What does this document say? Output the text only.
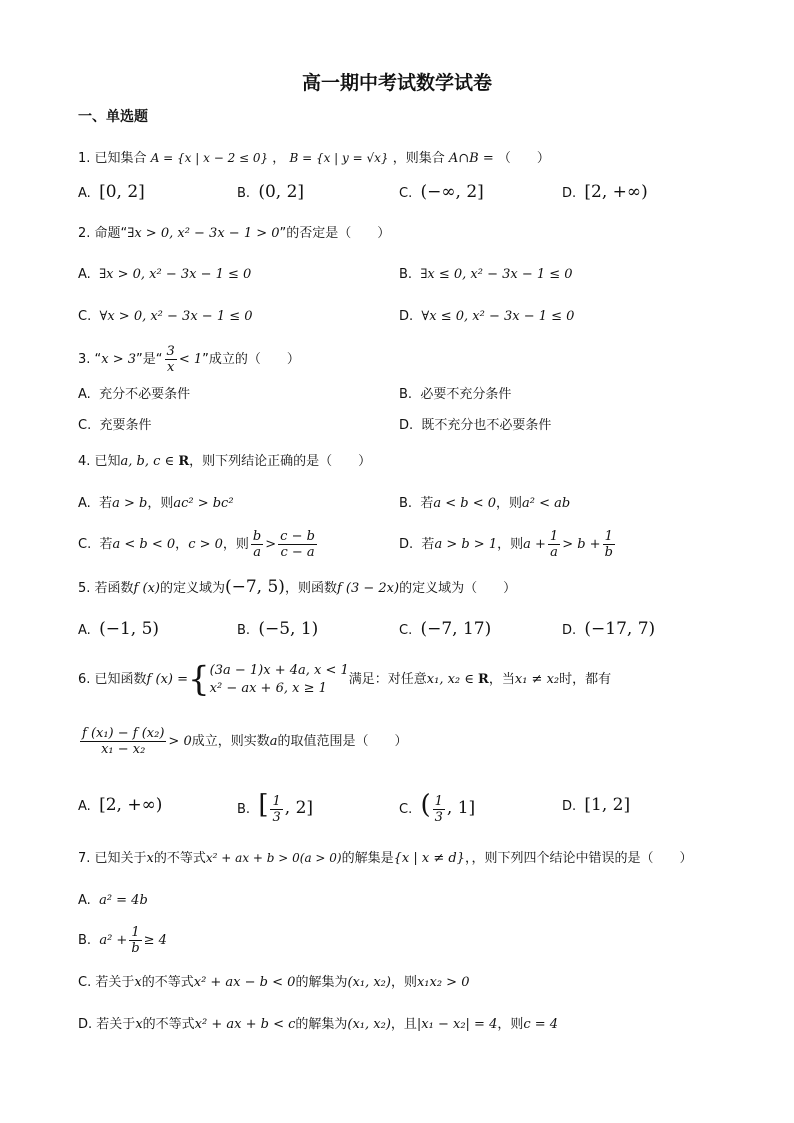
高一期中考试数学试卷
一、单选题
1. 已知集合 A = {x | x − 2 ≤ 0} ， B = {x | y = √x} ，则集合 A∩B = （　　）
A. [0, 2]	B. (0, 2]	C. (−∞, 2]	D. [2, +∞)
2. 命题“∃x > 0, x² − 3x − 1 > 0”的否定是（　　）
A. ∃x > 0, x² − 3x − 1 ≤ 0	B. ∃x ≤ 0, x² − 3x − 1 ≤ 0
C. ∀x > 0, x² − 3x − 1 ≤ 0	D. ∀x ≤ 0, x² − 3x − 1 ≤ 0
3. “x > 3”是“ $\frac{3}{x} < 1$”成立的（　　）
A. 充分不必要条件	B. 必要不充分条件
C. 充要条件	D. 既不充分也不必要条件
4. 已知a, b, c ∈ R，则下列结论正确的是（　　）
A. 若a > b，则ac² > bc²	B. 若a < b < 0，则a² < ab
C. 若a < b < 0，c > 0，则 $\frac{b}{a} > \frac{c - b}{c - a}$	D. 若a > b > 1，则$a + \frac{1}{a} > b + \frac{1}{b}$
5. 若函数f (x)的定义域为(−7, 5)，则函数f (3 − 2x)的定义域为（　　）
A. (−1, 5)	B. (−5, 1)	C. (−7, 17)	D. (−17, 7)
6. 已知函数f (x) ={ (3a − 1)x + 4a, x < 1
x² − ax + 6, x ≥ 1
满足：对任意x₁, x₂ ∈ R，当x₁ ≠ x₂时，都有
$\frac{\text{f (x₁) − f (x₂)}}{\text{x₁ − x₂}} > 0$成立，则实数a的取值范围是（　　）
A. [2, +∞)	B. [ $\frac{1}{3}$ , 2]	C. ( $\frac{1}{3}$ , 1]	D. [1, 2]
7. 已知关于x的不等式x² + ax + b > 0(a > 0)的解集是{x | x ≠ d}，，则下列四个结论中错误的是（　　）
A. a² = 4b
B. $a^2 + \frac{1}{b} \ge 4$
C. 若关于x的不等式x² + ax − b < 0的解集为(x₁, x₂)，则x₁x₂ > 0
D. 若关于x的不等式x² + ax + b < c的解集为(x₁, x₂)，且|x₁ − x₂| = 4，则c = 4
